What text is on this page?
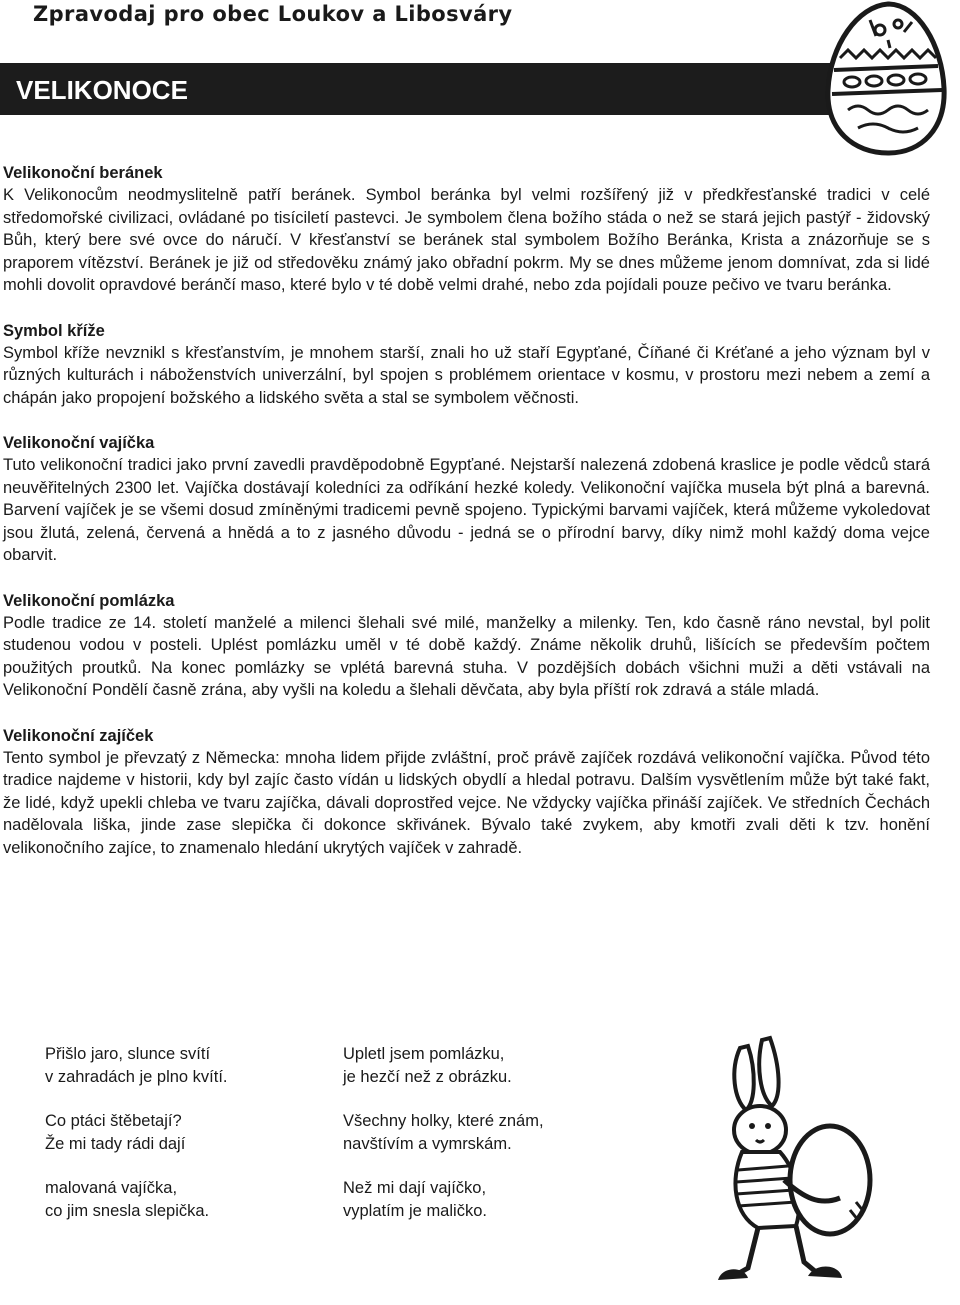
Zpravodaj pro obec Loukov a Libosváry
VELIKONOCE

Velikonoční beránek

K Velikonocům neodmyslitelně patří beránek. Symbol beránka byl velmi rozšířený již v předkřesťanské tradici v celé středomořské civilizaci, ovládané po tisíciletí pastevci. Je symbolem člena božího stáda o než se stará jejich pastýř - židovský Bůh, který bere své ovce do náručí. V křesťanství se beránek stal symbolem Božího Beránka, Krista a znázorňuje se s praporem vítězství. Beránek je již od středověku známý jako obřadní pokrm. My se dnes můžeme jenom domnívat, zda si lidé mohli dovolit opravdové beránčí maso, které bylo v té době velmi drahé, nebo zda pojídali pouze pečivo ve tvaru beránka.

Symbol kříže

Symbol kříže nevznikl s křesťanstvím, je mnohem starší, znali ho už staří Egypťané, Číňané či Kréťané a jeho význam byl v různých kulturách i náboženstvích univerzální, byl spojen s problémem orientace v kosmu, v prostoru mezi nebem a zemí a chápán jako propojení božského a lidského světa a stal se symbolem věčnosti.

Velikonoční vajíčka

Tuto velikonoční tradici jako první zavedli pravděpodobně Egypťané. Nejstarší nalezená zdobená kraslice je podle vědců stará neuvěřitelných 2300 let. Vajíčka dostávají koledníci za odříkání hezké koledy. Velikonoční vajíčka musela být plná a barevná. Barvení vajíček je se všemi dosud zmíněnými tradicemi pevně spojeno. Typickými barvami vajíček, která můžeme vykoledovat jsou žlutá, zelená, červená a hnědá a to z jasného důvodu - jedná se o přírodní barvy, díky nimž mohl každý doma vejce obarvit.

Velikonoční pomlázka

Podle tradice ze 14. století manželé a milenci šlehali své milé, manželky a milenky. Ten, kdo časně ráno nevstal, byl polit studenou vodou v posteli. Uplést pomlázku uměl v té době každý. Známe několik druhů, lišících se především počtem použitých proutků. Na konec pomlázky se vplétá barevná stuha. V pozdějších dobách všichni muži a děti vstávali na Velikonoční Pondělí časně zrána, aby vyšli na koledu a šlehali děvčata, aby byla příští rok zdravá a stále mladá.

Velikonoční zajíček

Tento symbol je převzatý z Německa: mnoha lidem přijde zvláštní, proč právě zajíček rozdává velikonoční vajíčka. Původ této tradice najdeme v historii, kdy byl zajíc často vídán u lidských obydlí a hledal potravu. Dalším vysvětlením může být také fakt, že lidé, když upekli chleba ve tvaru zajíčka, dávali doprostřed vejce. Ne vždycky vajíčka přináší zajíček. Ve středních Čechách nadělovala liška, jinde zase slepička či dokonce skřivánek. Bývalo také zvykem, aby kmotři zvali děti k tzv. honění velikonočního zajíce, to znamenalo hledání ukrytých vajíček v zahradě.

Přišlo jaro, slunce svítí
v zahradách je plno kvítí.
Co ptáci štěbetají?
Že mi tady rádi dají
malovaná vajíčka,
co jim snesla slepička.
Upletl jsem pomlázku,
je hezčí než z obrázku.
Všechny holky, které znám,
navštívím a vymrskám.
Než mi dají vajíčko,
vyplatím je maličko.
